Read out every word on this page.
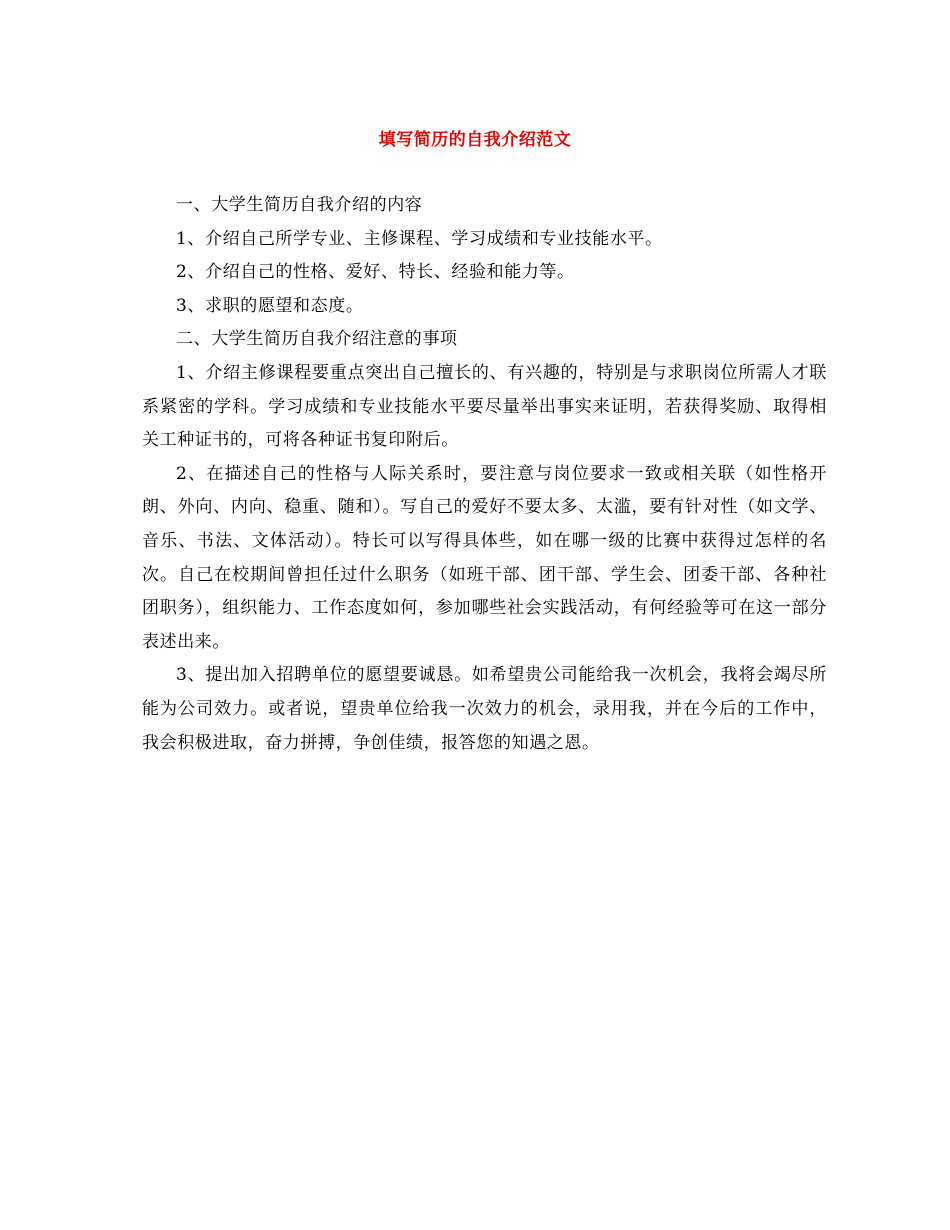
填写简历的自我介绍范文

一、大学生简历自我介绍的内容

1、介绍自己所学专业、主修课程、学习成绩和专业技能水平。

2、介绍自己的性格、爱好、特长、经验和能力等。

3、求职的愿望和态度。

二、大学生简历自我介绍注意的事项

1、介绍主修课程要重点突出自己擅长的、有兴趣的，特别是与求职岗位所需人才联系紧密的学科。学习成绩和专业技能水平要尽量举出事实来证明，若获得奖励、取得相关工种证书的，可将各种证书复印附后。

2、在描述自己的性格与人际关系时，要注意与岗位要求一致或相关联（如性格开朗、外向、内向、稳重、随和）。写自己的爱好不要太多、太滥，要有针对性（如文学、音乐、书法、文体活动）。特长可以写得具体些，如在哪一级的比赛中获得过怎样的名次。自己在校期间曾担任过什么职务（如班干部、团干部、学生会、团委干部、各种社团职务），组织能力、工作态度如何，参加哪些社会实践活动，有何经验等可在这一部分表述出来。

3、提出加入招聘单位的愿望要诚恳。如希望贵公司能给我一次机会，我将会竭尽所能为公司效力。或者说，望贵单位给我一次效力的机会，录用我，并在今后的工作中，我会积极进取，奋力拼搏，争创佳绩，报答您的知遇之恩。
